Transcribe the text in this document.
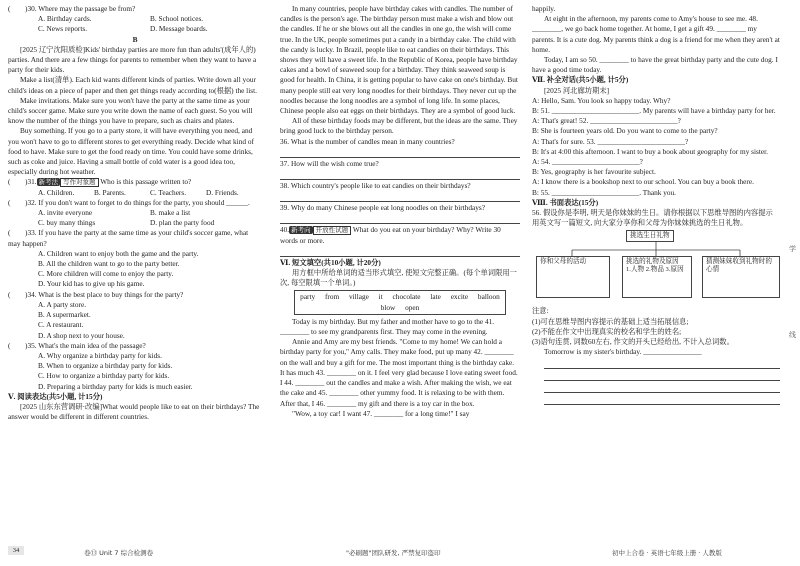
(　　)30. Where may the passage be from?

A. Birthday cards.	B. School notices.
C. News reports.	D. Message boards.

B

[2025 辽宁沈阳质检]Kids' birthday parties are more fun than adults'(成年人的) parties. And there are a few things for parents to remember when they want to have a party for their kids.

Make a list(清单). Each kid wants different kinds of parties. Write down all your child's ideas on a piece of paper and then get things ready according to(根据) the list.

Make invitations. Make sure you won't have the party at the same time as your child's soccer game. Make sure you write down the name of each guest. So you will know the number of the things you have to prepare, such as chairs and plates.

Buy something. If you go to a party store, it will have everything you need, and you won't have to go to different stores to get everything ready. Decide what kind of food to have. Make sure to get the food ready on time. You could have some drinks, such as coke and juice. Having a small bottle of cold water is a good idea too, especially during hot weather.

(　　)31. 新考法 写作对象题 Who is this passage written to?

A. Children.	B. Parents.	C. Teachers.	D. Friends.

(　　)32. If you don't want to forget to do things for the party, you should ______.

A. invite everyone	B. make a list
C. buy many things	D. plan the party food

(　　)33. If you have the party at the same time as your child's soccer game, what may happen?

A. Children want to enjoy both the game and the party.

B. All the children want to go to the party better.

C. More children will come to enjoy the party.

D. Your kid has to give up his game.

(　　)34. What is the best place to buy things for the party?

A. A party store.

B. A supermarket.

C. A restaurant.

D. A shop next to your house.

(　　)35. What's the main idea of the passage?

A. Why organize a birthday party for kids.

B. When to organize a birthday party for kids.

C. How to organize a birthday party for kids.

D. Preparing a birthday party for kids is much easier.

Ⅴ. 阅读表达(共5小题, 计15分)

[2025 山东东营调研·改编]What would people like to eat on their birthdays? The answer would be different in different countries.

In many countries, people have birthday cakes with candles. The number of candles is the person's age. The birthday person must make a wish and blow out the candles. If he or she blows out all the candles in one go, the wish will come true. In the UK, people sometimes put a candy in a birthday cake. The child with the candy is lucky. In Brazil, people like to eat candies on their birthdays. This shows they will have a sweet life. In the Republic of Korea, people have birthday cakes and a bowl of seaweed soup for a birthday. They think seaweed soup is good for health. In China, it is getting popular to have cake on one's birthday. But many people still eat very long noodles for their birthdays. They never cut up the noodles because the long noodles are a symbol of long life. In some places, Chinese people also eat eggs on their birthdays. They are a symbol of good luck.

All of these birthday foods may be different, but the ideas are the same. They bring good luck to the birthday person.

36. What is the number of candles mean in many countries?

37. How will the wish come true?

38. Which country's people like to eat candies on their birthdays?

39. Why do many Chinese people eat long noodles on their birthdays?

40. 新考向 开放性试题 What do you eat on your birthday? Why? Write 30 words or more.

Ⅵ. 短文填空(共10小题, 计20分)

用方框中所给单词的适当形式填空, 使短文完整正确。(每个单词限用一次, 每空限填一个单词。)

party from village it chocolate late excite balloon blow open

Today is my birthday. But my father and mother have to go to the 41. ________ to see my grandparents first. They may come in the evening.

Annie and Amy are my best friends. "Come to my home! We can hold a birthday party for you," Amy calls. They make food, put up many 42. ________ on the wall and buy a gift for me. The most important thing is the birthday cake. It has much 43. ________ on it. I feel very glad because I love eating sweet food. I 44. ________ out the candles and make a wish. After making the wish, we eat the cake and 45. ________ other yummy food. It is relaxing to be with them. After that, I 46. ________ my gift and there is a toy car in the box.

"Wow, a toy car! I want 47. ________ for a long time!" I say

happily.

At eight in the afternoon, my parents come to Amy's house to see me. 48. ________, we go back home together. At home, I get a gift 49. ________ my parents. It is a cute dog. My parents think a dog is a friend for me when they aren't at home.

Today, I am so 50. ________ to have the great birthday party and the cute dog. I have a good time today.

Ⅶ. 补全对话(共5小题, 计5分)

[2025 河北廊坊期末]

A: Hello, Sam. You look so happy today. Why?

B: 51. ________________________. My parents will have a birthday party for her.

A: That's great! 52. ________________________?

B: She is fourteen years old. Do you want to come to the party?

A: That's for sure. 53. ________________________?

B: It's at 4:00 this afternoon. I want to buy a book about geography for my sister.

A: 54. ________________________?

B: Yes, geography is her favourite subject.

A: I know there is a bookshop next to our school. You can buy a book there.

B: 55. ________________________. Thank you.

Ⅷ. 书面表达(15分)

56. 假设你是李明, 明天是你妹妹的生日。请你根据以下思维导图的内容提示用英文写一篇短文, 向大家分享你和父母为你妹妹挑选的生日礼物。

挑选生日礼物
你和父母的活动	挑选的礼物及原因
1.人物 2.物品 3.原因
猜测妹妹收到礼物时的心情

注意:

(1)可在思维导图内容提示的基础上适当拓展信息;

(2)不能在作文中出现真实的校名和学生的姓名;

(3)语句连贯, 词数60左右, 作文的开头已经给出, 不计入总词数。

Tomorrow is my sister's birthday. ________________

学
线
34	卷⑬ Unit 7 综合检测卷	"必刷题"团队研发, 严禁复印盗印	初中上合卷 · 英语七年级上册 · 人教版
